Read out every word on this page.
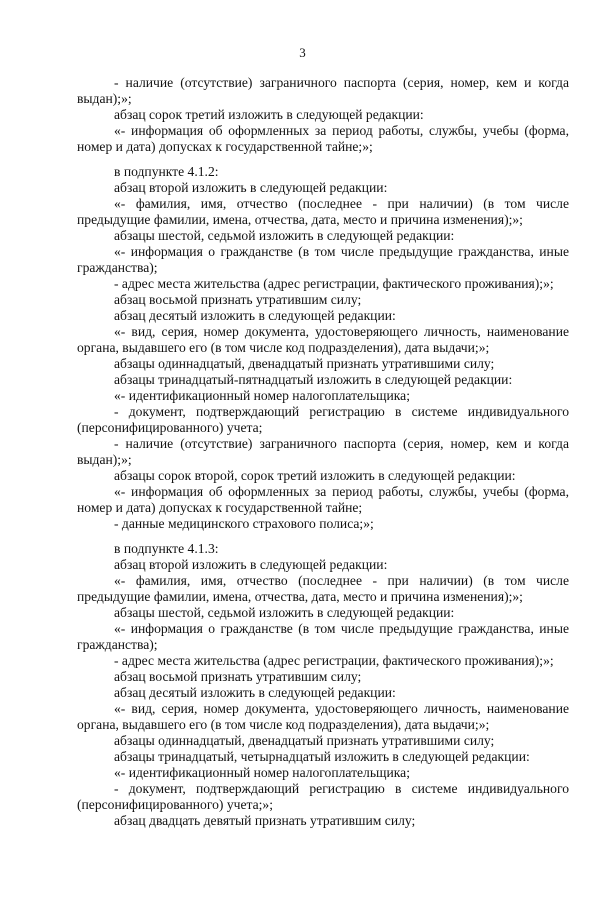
3

- наличие (отсутствие) заграничного паспорта (серия, номер, кем и когда выдан);»;

абзац сорок третий изложить в следующей редакции:

«- информация об оформленных за период работы, службы, учебы (форма, номер и дата) допусках к государственной тайне;»;

в подпункте 4.1.2:

абзац второй изложить в следующей редакции:

«- фамилия, имя, отчество (последнее - при наличии) (в том числе предыдущие фамилии, имена, отчества, дата, место и причина изменения);»;

абзацы шестой, седьмой изложить в следующей редакции:

«- информация о гражданстве (в том числе предыдущие гражданства, иные гражданства);

- адрес места жительства (адрес регистрации, фактического проживания);»;

абзац восьмой признать утратившим силу;

абзац десятый изложить в следующей редакции:

«- вид, серия, номер документа, удостоверяющего личность, наименование органа, выдавшего его (в том числе код подразделения), дата выдачи;»;

абзацы одиннадцатый, двенадцатый признать утратившими силу;

абзацы тринадцатый-пятнадцатый изложить в следующей редакции:

«- идентификационный номер налогоплательщика;

- документ, подтверждающий регистрацию в системе индивидуального (персонифицированного) учета;

- наличие (отсутствие) заграничного паспорта (серия, номер, кем и когда выдан);»;

абзацы сорок второй, сорок третий изложить в следующей редакции:

«- информация об оформленных за период работы, службы, учебы (форма, номер и дата) допусках к государственной тайне;

- данные медицинского страхового полиса;»;

в подпункте 4.1.3:

абзац второй изложить в следующей редакции:

«- фамилия, имя, отчество (последнее - при наличии) (в том числе предыдущие фамилии, имена, отчества, дата, место и причина изменения);»;

абзацы шестой, седьмой изложить в следующей редакции:

«- информация о гражданстве (в том числе предыдущие гражданства, иные гражданства);

- адрес места жительства (адрес регистрации, фактического проживания);»;

абзац восьмой признать утратившим силу;

абзац десятый изложить в следующей редакции:

«- вид, серия, номер документа, удостоверяющего личность, наименование органа, выдавшего его (в том числе код подразделения), дата выдачи;»;

абзацы одиннадцатый, двенадцатый признать утратившими силу;

абзацы тринадцатый, четырнадцатый изложить в следующей редакции:

«- идентификационный номер налогоплательщика;

- документ, подтверждающий регистрацию в системе индивидуального (персонифицированного) учета;»;

абзац двадцать девятый признать утратившим силу;
